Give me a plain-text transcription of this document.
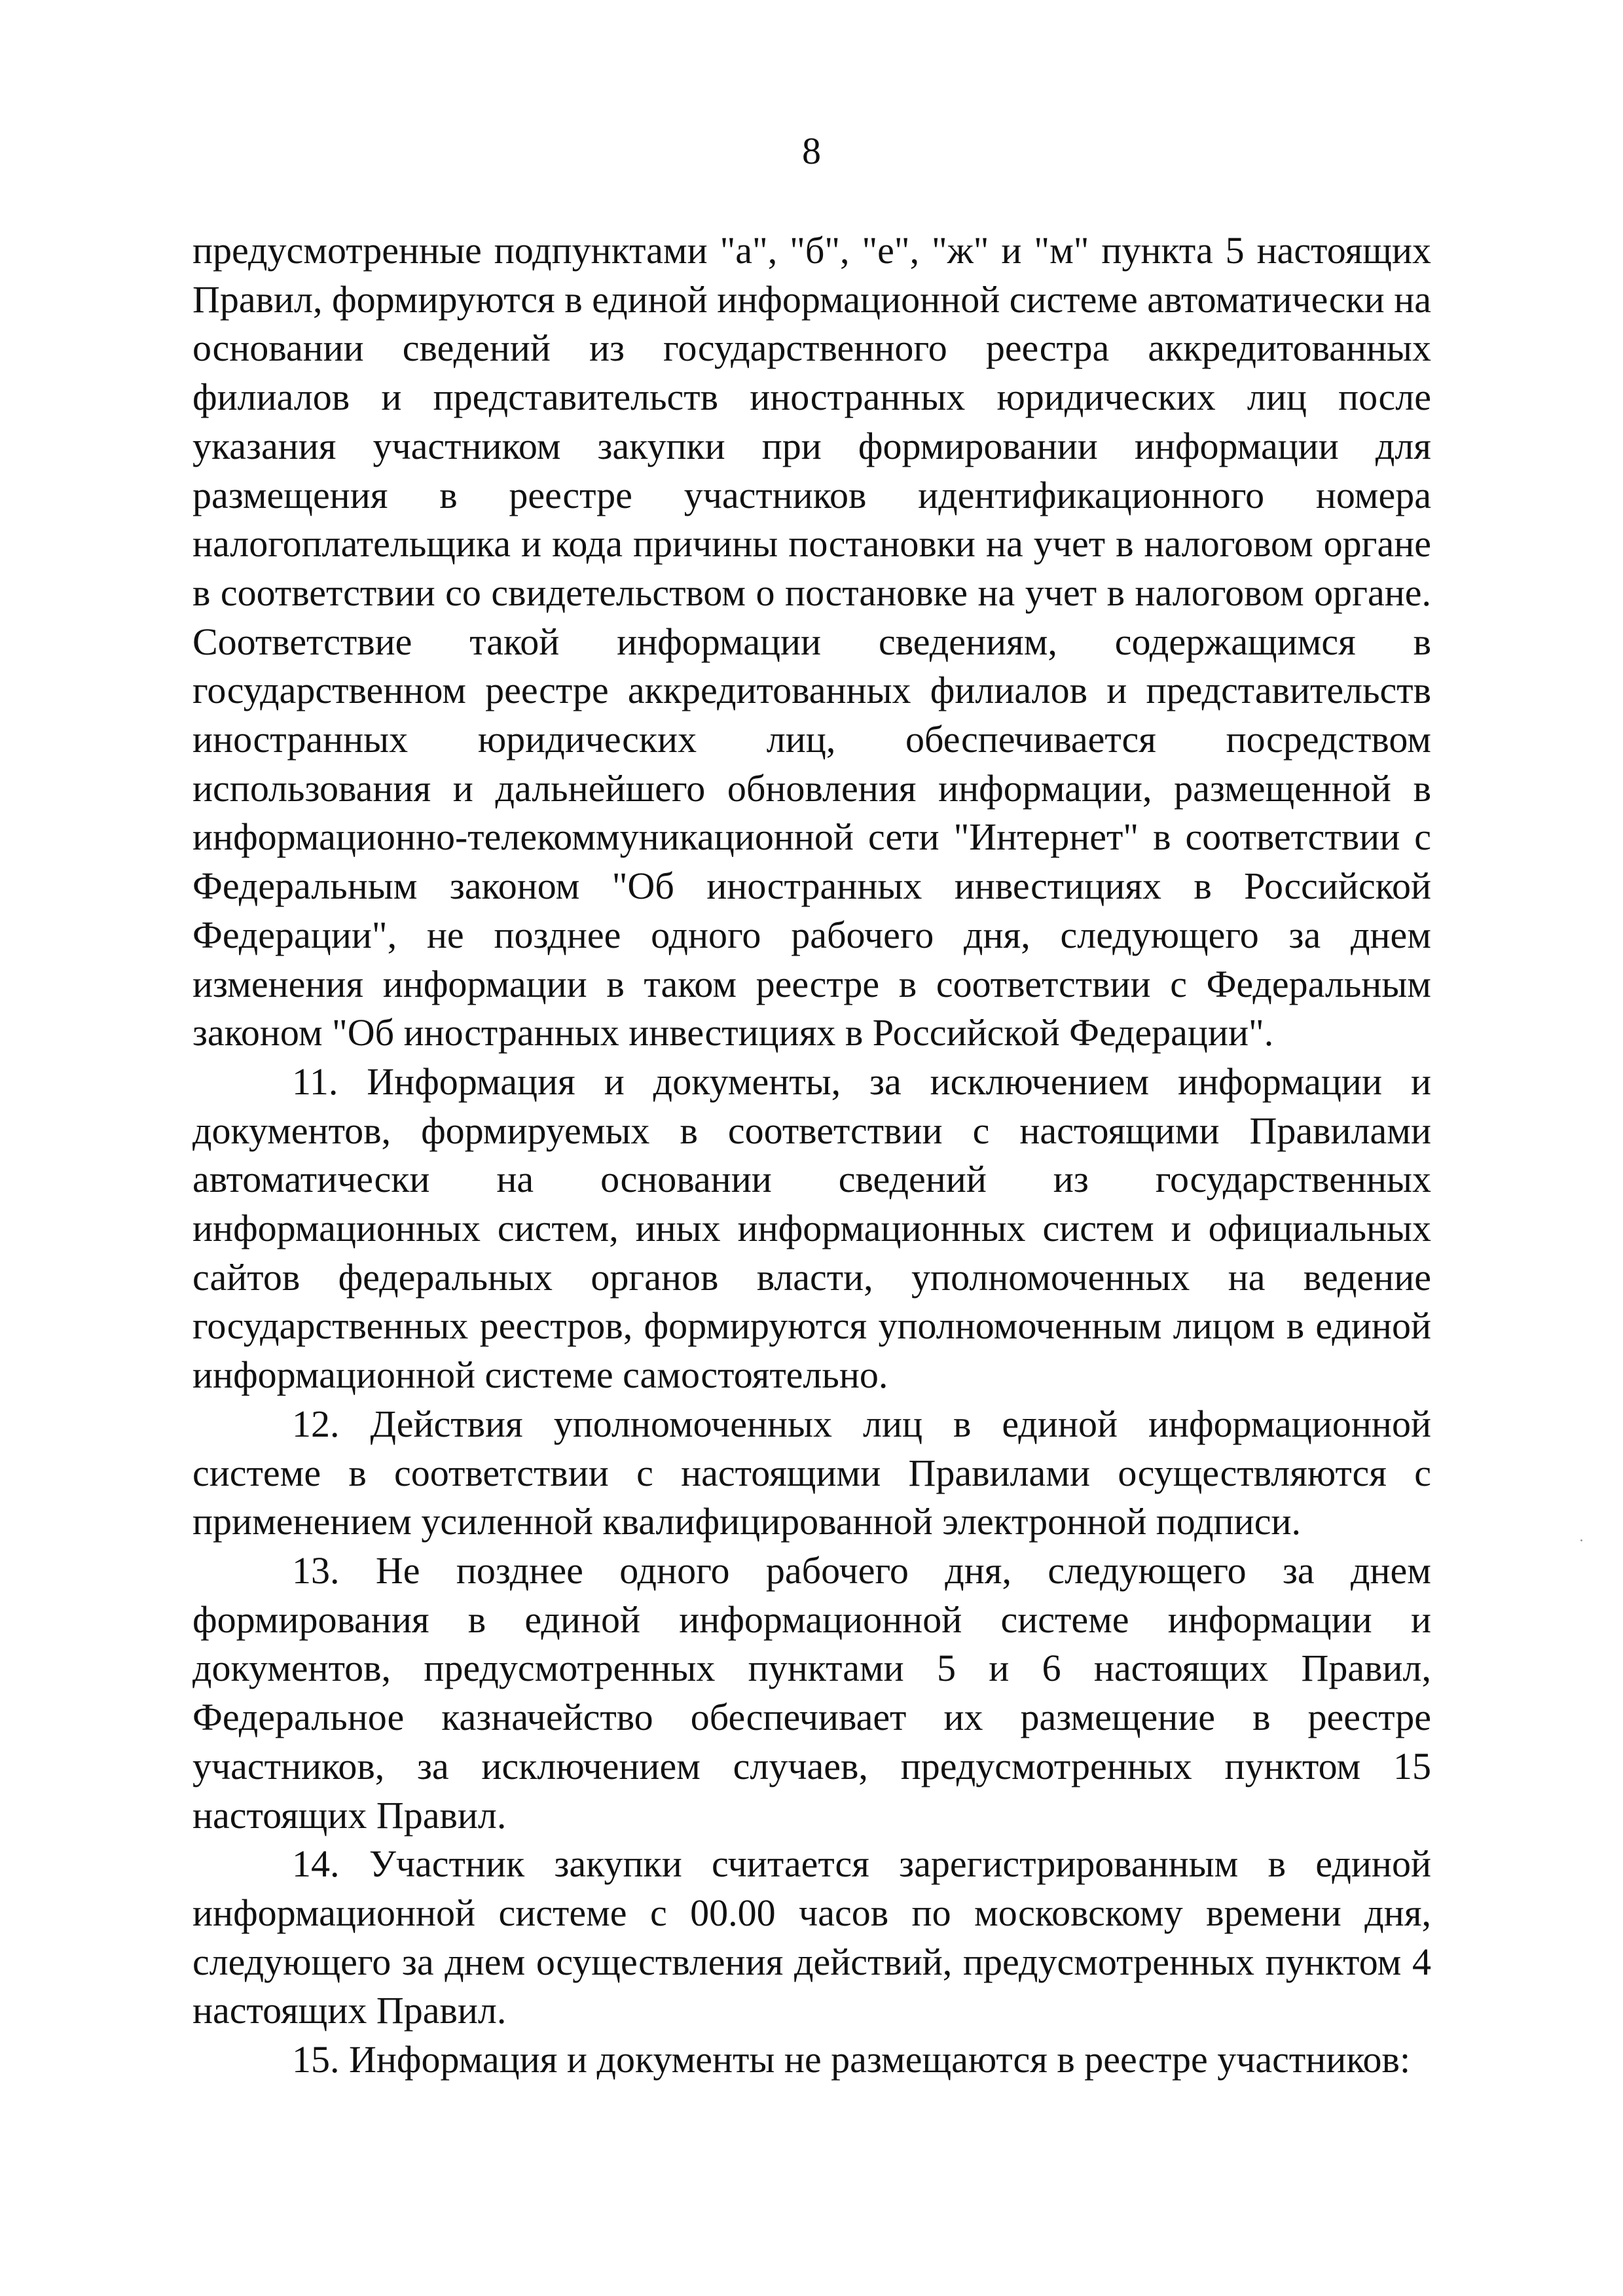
8

предусмотренные подпунктами "а", "б", "е", "ж" и "м" пункта 5 настоящих Правил, формируются в единой информационной системе автоматически на основании сведений из государственного реестра аккредитованных филиалов и представительств иностранных юридических лиц после указания участником закупки при формировании информации для размещения в реестре участников идентификационного номера налогоплательщика и кода причины постановки на учет в налоговом органе в соответствии со свидетельством о постановке на учет в налоговом органе. Соответствие такой информации сведениям, содержащимся в государственном реестре аккредитованных филиалов и представительств иностранных юридических лиц, обеспечивается посредством использования и дальнейшего обновления информации, размещенной в информационно-телекоммуникационной сети "Интернет" в соответствии с Федеральным законом "Об иностранных инвестициях в Российской Федерации", не позднее одного рабочего дня, следующего за днем изменения информации в таком реестре в соответствии с Федеральным законом "Об иностранных инвестициях в Российской Федерации".

11. Информация и документы, за исключением информации и документов, формируемых в соответствии с настоящими Правилами автоматически на основании сведений из государственных информационных систем, иных информационных систем и официальных сайтов федеральных органов власти, уполномоченных на ведение государственных реестров, формируются уполномоченным лицом в единой информационной системе самостоятельно.

12. Действия уполномоченных лиц в единой информационной системе в соответствии с настоящими Правилами осуществляются с применением усиленной квалифицированной электронной подписи.

13. Не позднее одного рабочего дня, следующего за днем формирования в единой информационной системе информации и документов, предусмотренных пунктами 5 и 6 настоящих Правил, Федеральное казначейство обеспечивает их размещение в реестре участников, за исключением случаев, предусмотренных пунктом 15 настоящих Правил.

14. Участник закупки считается зарегистрированным в единой информационной системе с 00.00 часов по московскому времени дня, следующего за днем осуществления действий, предусмотренных пунктом 4 настоящих Правил.

15. Информация и документы не размещаются в реестре участников:
